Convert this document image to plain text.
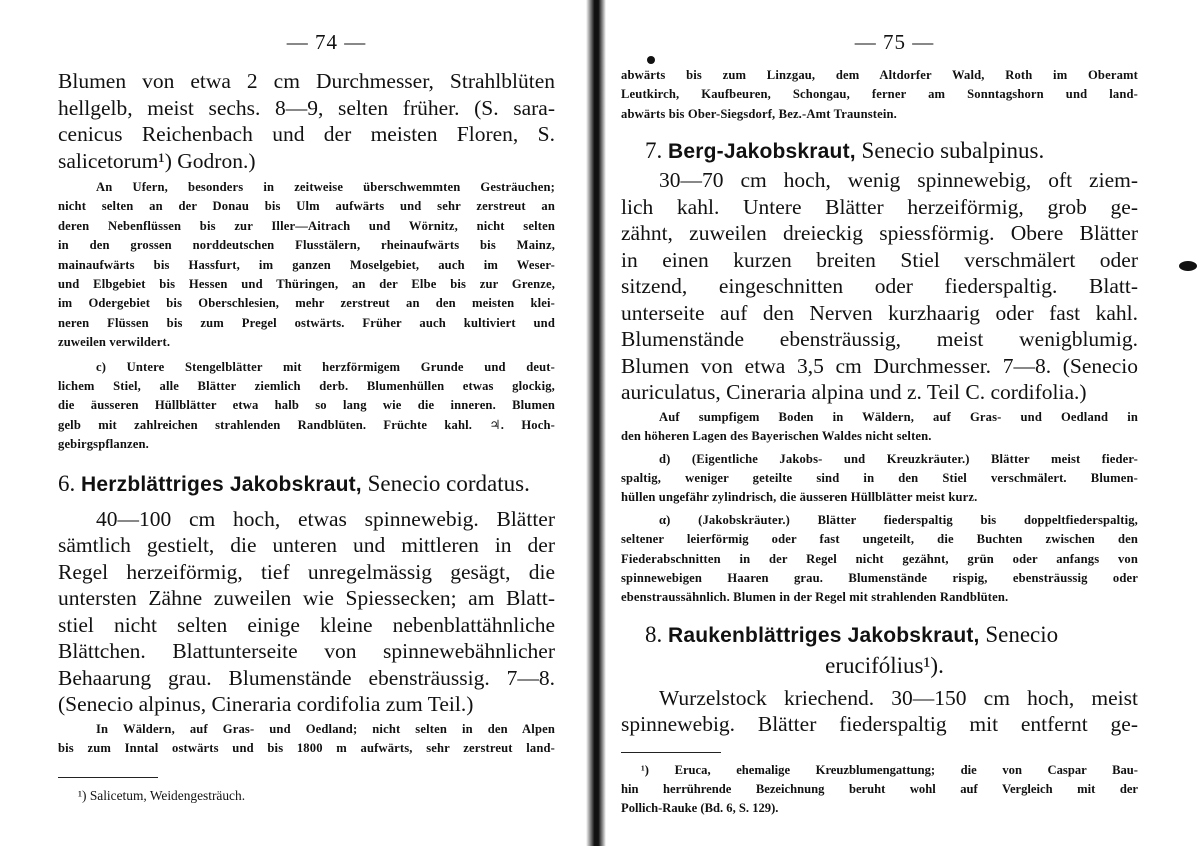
— 74 —

Blumen von etwa 2 cm Durchmesser, Strahlblüten

hellgelb, meist sechs. 8—9, selten früher. (S. sara-

cenicus Reichenbach und der meisten Floren, S.

salicetorum¹) Godron.)

An Ufern, besonders in zeitweise überschwemmten Gesträuchen;

nicht selten an der Donau bis Ulm aufwärts und sehr zerstreut an

deren Nebenflüssen bis zur Iller—Aitrach und Wörnitz, nicht selten

in den grossen norddeutschen Flusstälern, rheinaufwärts bis Mainz,

mainaufwärts bis Hassfurt, im ganzen Moselgebiet, auch im Weser-

und Elbgebiet bis Hessen und Thüringen, an der Elbe bis zur Grenze,

im Odergebiet bis Oberschlesien, mehr zerstreut an den meisten klei-

neren Flüssen bis zum Pregel ostwärts. Früher auch kultiviert und

zuweilen verwildert.

c) Untere Stengelblätter mit herzförmigem Grunde und deut-

lichem Stiel, alle Blätter ziemlich derb. Blumenhüllen etwas glockig,

die äusseren Hüllblätter etwa halb so lang wie die inneren. Blumen

gelb mit zahlreichen strahlenden Randblüten. Früchte kahl. ♃. Hoch-

gebirgspflanzen.

6. Herzblättriges Jakobskraut, Senecio cordatus.

40—100 cm hoch, etwas spinnewebig. Blätter

sämtlich gestielt, die unteren und mittleren in der

Regel herzeiförmig, tief unregelmässig gesägt, die

untersten Zähne zuweilen wie Spiessecken; am Blatt-

stiel nicht selten einige kleine nebenblattähnliche

Blättchen. Blattunterseite von spinnewebähnlicher

Behaarung grau. Blumenstände ebensträussig. 7—8.

(Senecio alpinus, Cineraria cordifolia zum Teil.)

In Wäldern, auf Gras- und Oedland; nicht selten in den Alpen

bis zum Inntal ostwärts und bis 1800 m aufwärts, sehr zerstreut land-

¹) Salicetum, Weidengesträuch.

— 75 —

abwärts bis zum Linzgau, dem Altdorfer Wald, Roth im Oberamt

Leutkirch, Kaufbeuren, Schongau, ferner am Sonntagshorn und land-

abwärts bis Ober-Siegsdorf, Bez.-Amt Traunstein.

7. Berg-Jakobskraut, Senecio subalpinus.

30—70 cm hoch, wenig spinnewebig, oft ziem-

lich kahl. Untere Blätter herzeiförmig, grob ge-

zähnt, zuweilen dreieckig spiessförmig. Obere Blätter

in einen kurzen breiten Stiel verschmälert oder

sitzend, eingeschnitten oder fiederspaltig. Blatt-

unterseite auf den Nerven kurzhaarig oder fast kahl.

Blumenstände ebensträussig, meist wenigblumig.

Blumen von etwa 3,5 cm Durchmesser. 7—8. (Senecio

auriculatus, Cineraria alpina und z. Teil C. cordifolia.)

Auf sumpfigem Boden in Wäldern, auf Gras- und Oedland in

den höheren Lagen des Bayerischen Waldes nicht selten.

d) (Eigentliche Jakobs- und Kreuzkräuter.) Blätter meist fieder-

spaltig, weniger geteilte sind in den Stiel verschmälert. Blumen-

hüllen ungefähr zylindrisch, die äusseren Hüllblätter meist kurz.

α) (Jakobskräuter.) Blätter fiederspaltig bis doppeltfiederspaltig,

seltener leierförmig oder fast ungeteilt, die Buchten zwischen den

Fiederabschnitten in der Regel nicht gezähnt, grün oder anfangs von

spinnewebigen Haaren grau. Blumenstände rispig, ebensträussig oder

ebenstraussähnlich. Blumen in der Regel mit strahlenden Randblüten.

8. Raukenblättriges Jakobskraut, Senecio
erucifólius¹).

Wurzelstock kriechend. 30—150 cm hoch, meist

spinnewebig. Blätter fiederspaltig mit entfernt ge-

¹) Eruca, ehemalige Kreuzblumengattung; die von Caspar Bau-

hin herrührende Bezeichnung beruht wohl auf Vergleich mit der

Pollich-Rauke (Bd. 6, S. 129).
